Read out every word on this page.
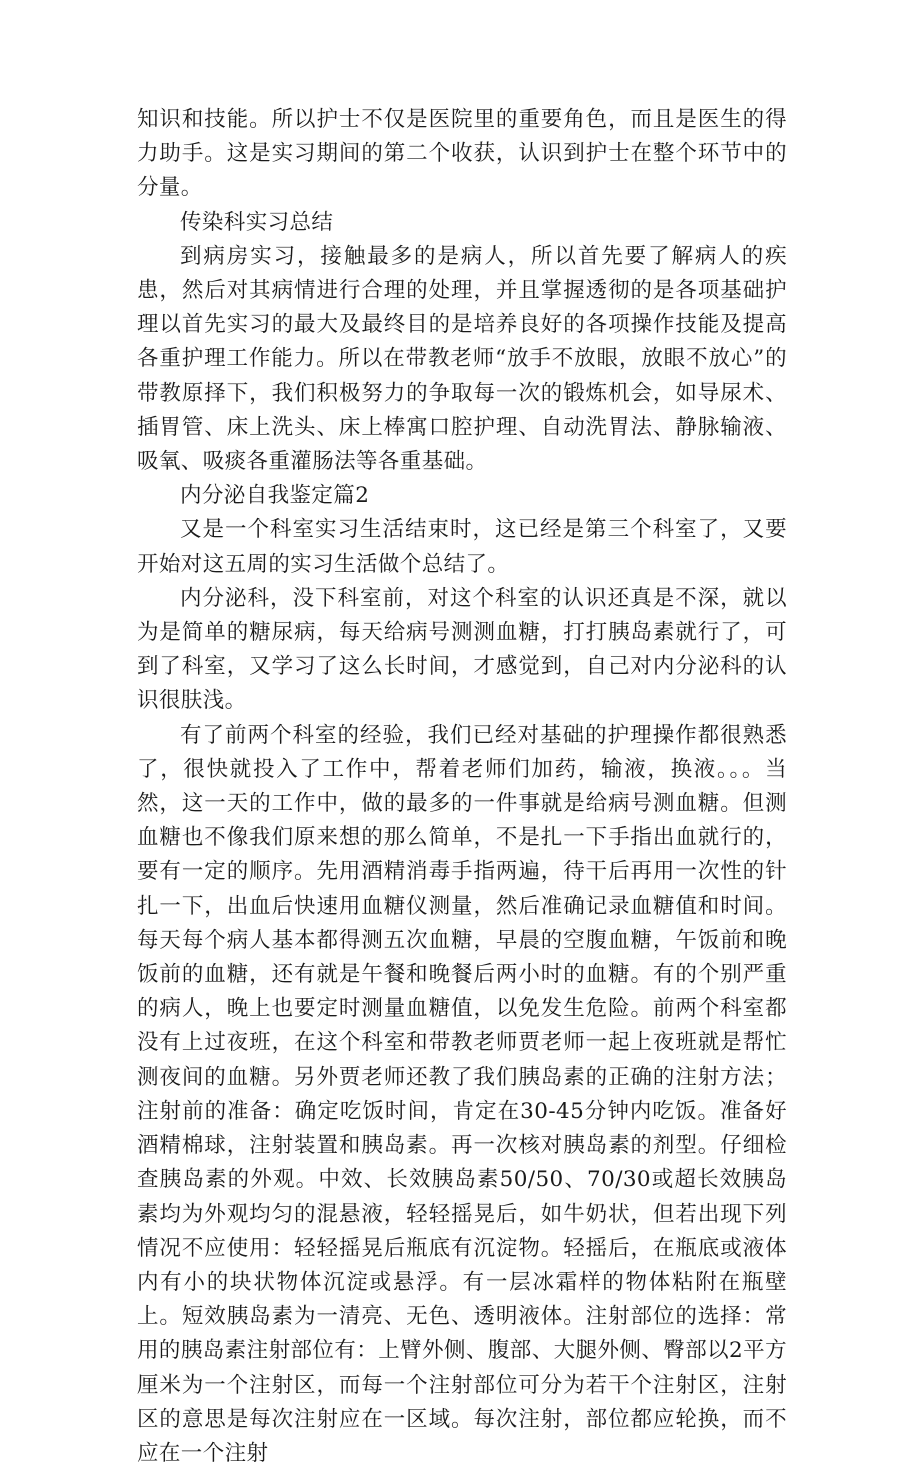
知识和技能。所以护士不仅是医院里的重要角色，而且是医生的得力助手。这是实习期间的第二个收获，认识到护士在整个环节中的分量。

传染科实习总结

到病房实习，接触最多的是病人，所以首先要了解病人的疾患，然后对其病情进行合理的处理，并且掌握透彻的是各项基础护理以首先实习的最大及最终目的是培养良好的各项操作技能及提高各重护理工作能力。所以在带教老师“放手不放眼，放眼不放心”的带教原择下，我们积极努力的争取每一次的锻炼机会，如导尿术、插胃管、床上洗头、床上棒寓口腔护理、自动洗胃法、静脉输液、吸氧、吸痰各重灌肠法等各重基础。

内分泌自我鉴定篇2

又是一个科室实习生活结束时，这已经是第三个科室了，又要开始对这五周的实习生活做个总结了。

内分泌科，没下科室前，对这个科室的认识还真是不深，就以为是简单的糖尿病，每天给病号测测血糖，打打胰岛素就行了，可到了科室，又学习了这么长时间，才感觉到，自己对内分泌科的认识很肤浅。

有了前两个科室的经验，我们已经对基础的护理操作都很熟悉了，很快就投入了工作中，帮着老师们加药，输液，换液。。。当然，这一天的工作中，做的最多的一件事就是给病号测血糖。但测血糖也不像我们原来想的那么简单，不是扎一下手指出血就行的，要有一定的顺序。先用酒精消毒手指两遍，待干后再用一次性的针扎一下，出血后快速用血糖仪测量，然后准确记录血糖值和时间。每天每个病人基本都得测五次血糖，早晨的空腹血糖，午饭前和晚饭前的血糖，还有就是午餐和晚餐后两小时的血糖。有的个别严重的病人，晚上也要定时测量血糖值，以免发生危险。前两个科室都没有上过夜班，在这个科室和带教老师贾老师一起上夜班就是帮忙测夜间的血糖。另外贾老师还教了我们胰岛素的正确的注射方法；注射前的准备：确定吃饭时间，肯定在30-45分钟内吃饭。准备好酒精棉球，注射装置和胰岛素。再一次核对胰岛素的剂型。仔细检查胰岛素的外观。中效、长效胰岛素50/50、70/30或超长效胰岛素均为外观均匀的混悬液，轻轻摇晃后，如牛奶状，但若出现下列情况不应使用：轻轻摇晃后瓶底有沉淀物。轻摇后，在瓶底或液体内有小的块状物体沉淀或悬浮。有一层冰霜样的物体粘附在瓶壁上。短效胰岛素为一清亮、无色、透明液体。注射部位的选择：常用的胰岛素注射部位有：上臂外侧、腹部、大腿外侧、臀部以2平方厘米为一个注射区，而每一个注射部位可分为若干个注射区，注射区的意思是每次注射应在一区域。每次注射，部位都应轮换，而不应在一个注射
